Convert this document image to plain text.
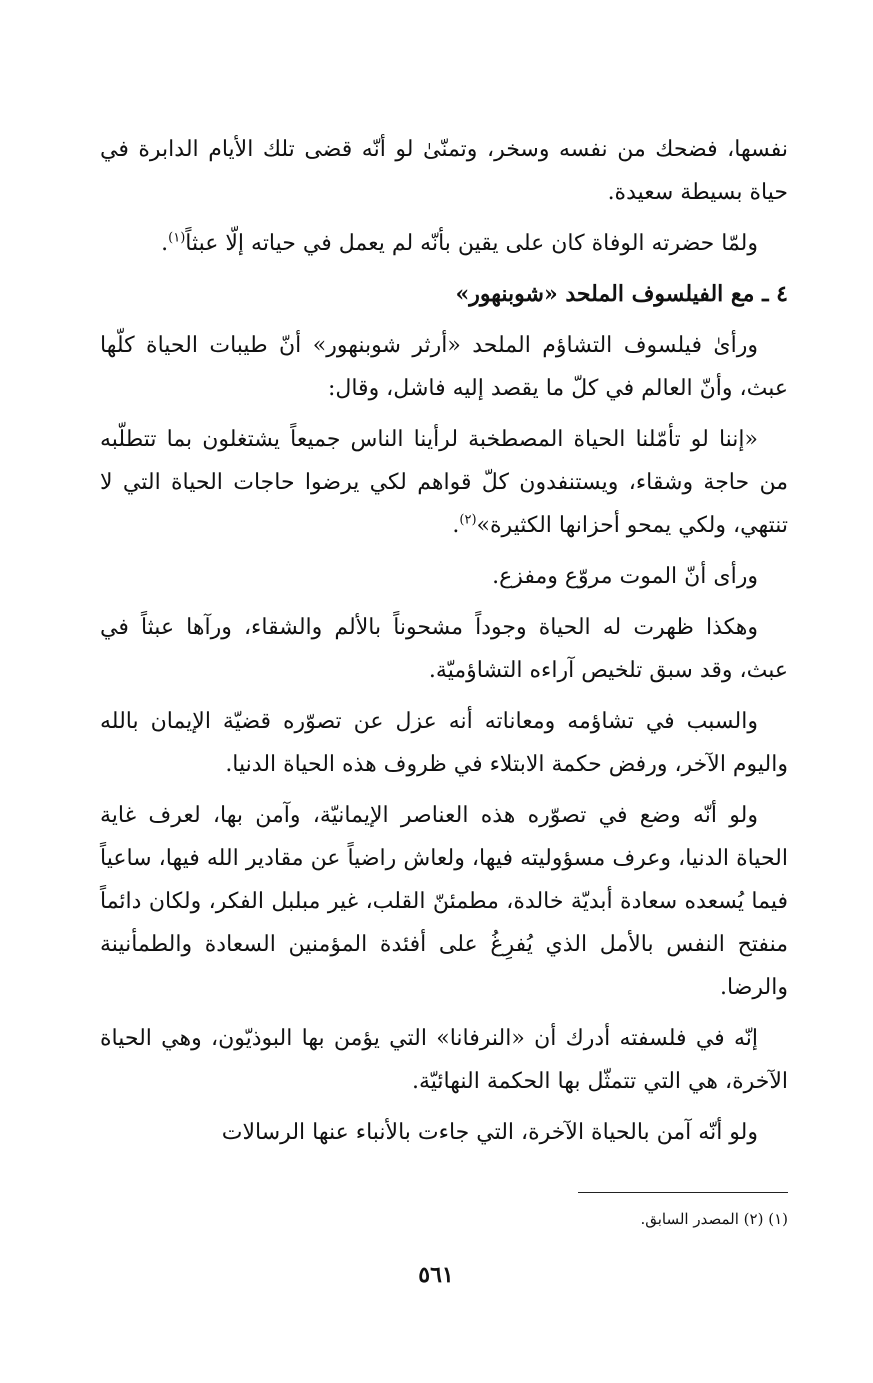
نفسها، فضحك من نفسه وسخر، وتمنّىٰ لو أنّه قضى تلك الأيام الدابرة في حياة بسيطة سعيدة.

ولمّا حضرته الوفاة كان على يقين بأنّه لم يعمل في حياته إلّا عبثاً$^{(١)}$.

٤ ـ مع الفيلسوف الملحد «شوبنهور»

ورأىٰ فيلسوف التشاؤم الملحد «أرثر شوبنهور» أنّ طيبات الحياة كلّها عبث، وأنّ العالم في كلّ ما يقصد إليه فاشل، وقال:

«إننا لو تأمّلنا الحياة المصطخبة لرأينا الناس جميعاً يشتغلون بما تتطلّبه من حاجة وشقاء، ويستنفدون كلّ قواهم لكي يرضوا حاجات الحياة التي لا تنتهي، ولكي يمحو أحزانها الكثيرة»$^{(٢)}$.

ورأى أنّ الموت مروّع ومفزع.

وهكذا ظهرت له الحياة وجوداً مشحوناً بالألم والشقاء، ورآها عبثاً في عبث، وقد سبق تلخيص آراءه التشاؤميّة.

والسبب في تشاؤمه ومعاناته أنه عزل عن تصوّره قضيّة الإيمان بالله واليوم الآخر، ورفض حكمة الابتلاء في ظروف هذه الحياة الدنيا.

ولو أنّه وضع في تصوّره هذه العناصر الإيمانيّة، وآمن بها، لعرف غاية الحياة الدنيا، وعرف مسؤوليته فيها، ولعاش راضياً عن مقادير الله فيها، ساعياً فيما يُسعده سعادة أبديّة خالدة، مطمئنّ القلب، غير مبلبل الفكر، ولكان دائماً منفتح النفس بالأمل الذي يُفرِغُ على أفئدة المؤمنين السعادة والطمأنينة والرضا.

إنّه في فلسفته أدرك أن «النرفانا» التي يؤمن بها البوذيّون، وهي الحياة الآخرة، هي التي تتمثّل بها الحكمة النهائيّة.

ولو أنّه آمن بالحياة الآخرة، التي جاءت بالأنباء عنها الرسالات

(١) (٢) المصدر السابق.
٥٦١
